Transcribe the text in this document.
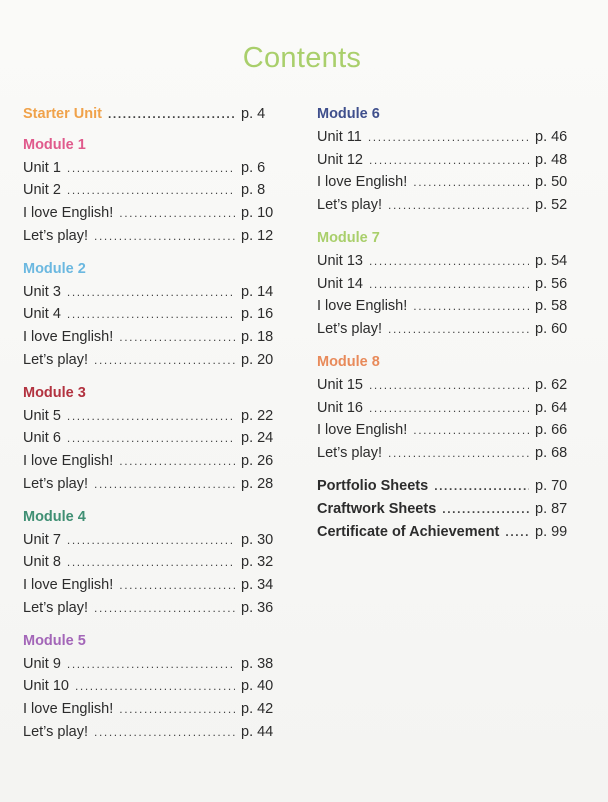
Contents
Starter Unit .....	p. 4
Module 1
Unit 1 .....	p. 6
Unit 2 .....	p. 8
I love English! .....	p. 10
Let’s play! .....	p. 12
Module 2
Unit 3 .....	p. 14
Unit 4 .....	p. 16
I love English! .....	p. 18
Let’s play! .....	p. 20
Module 3
Unit 5 .....	p. 22
Unit 6 .....	p. 24
I love English! .....	p. 26
Let’s play! .....	p. 28
Module 4
Unit 7 .....	p. 30
Unit 8 .....	p. 32
I love English! .....	p. 34
Let’s play! .....	p. 36
Module 5
Unit 9 .....	p. 38
Unit 10 .....	p. 40
I love English! .....	p. 42
Let’s play! .....	p. 44
Module 6
Unit 11 .....	p. 46
Unit 12 .....	p. 48
I love English! .....	p. 50
Let’s play! .....	p. 52
Module 7
Unit 13 .....	p. 54
Unit 14 .....	p. 56
I love English! .....	p. 58
Let’s play! .....	p. 60
Module 8
Unit 15 .....	p. 62
Unit 16 .....	p. 64
I love English! .....	p. 66
Let’s play! .....	p. 68
Portfolio Sheets .....	p. 70
Craftwork Sheets .....	p. 87
Certificate of Achievement ..... p. 99
